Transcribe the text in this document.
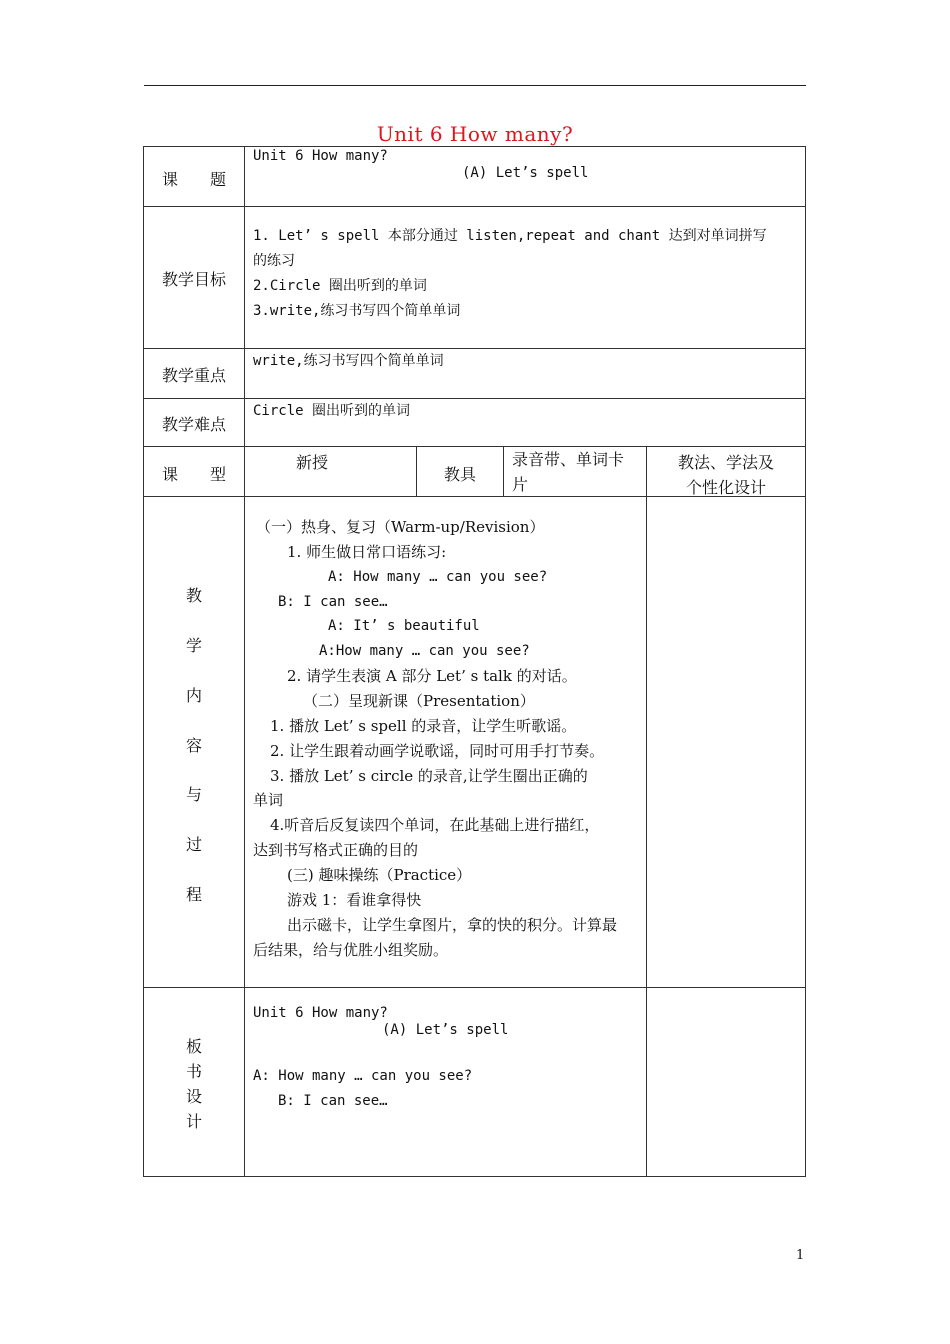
Unit 6 How many?
课　　题
Unit 6 How many?
(A) Let’s spell
教学目标
1. Let’ s spell 本部分通过 listen,repeat and chant 达到对单词拼写
的练习
2.Circle 圈出听到的单词
3.write,练习书写四个简单单词
教学重点
write,练习书写四个简单单词
教学难点
Circle 圈出听到的单词
课　　型
新授
教具
录音带、单词卡
片
教法、学法及
个性化设计
教
学
内
容
与
过
程
（一）热身、复习（Warm-up/Revision）
1. 师生做日常口语练习:
A: How many … can you see?
B: I can see…
A: It’ s beautiful
A:How many … can you see?
2. 请学生表演 A 部分 Let’ s talk 的对话。
（二）呈现新课（Presentation）
1. 播放 Let’ s spell 的录音，让学生听歌谣。
2. 让学生跟着动画学说歌谣，同时可用手打节奏。
3. 播放 Let’ s circle 的录音,让学生圈出正确的
单词
4.听音后反复读四个单词，在此基础上进行描红，
达到书写格式正确的目的
(三) 趣味操练（Practice）
游戏 1：看谁拿得快
出示磁卡，让学生拿图片，拿的快的积分。计算最
后结果，给与优胜小组奖励。
板
书
设
计
Unit 6 How many?
(A) Let’s spell
A: How many … can you see?
B: I can see…
1
